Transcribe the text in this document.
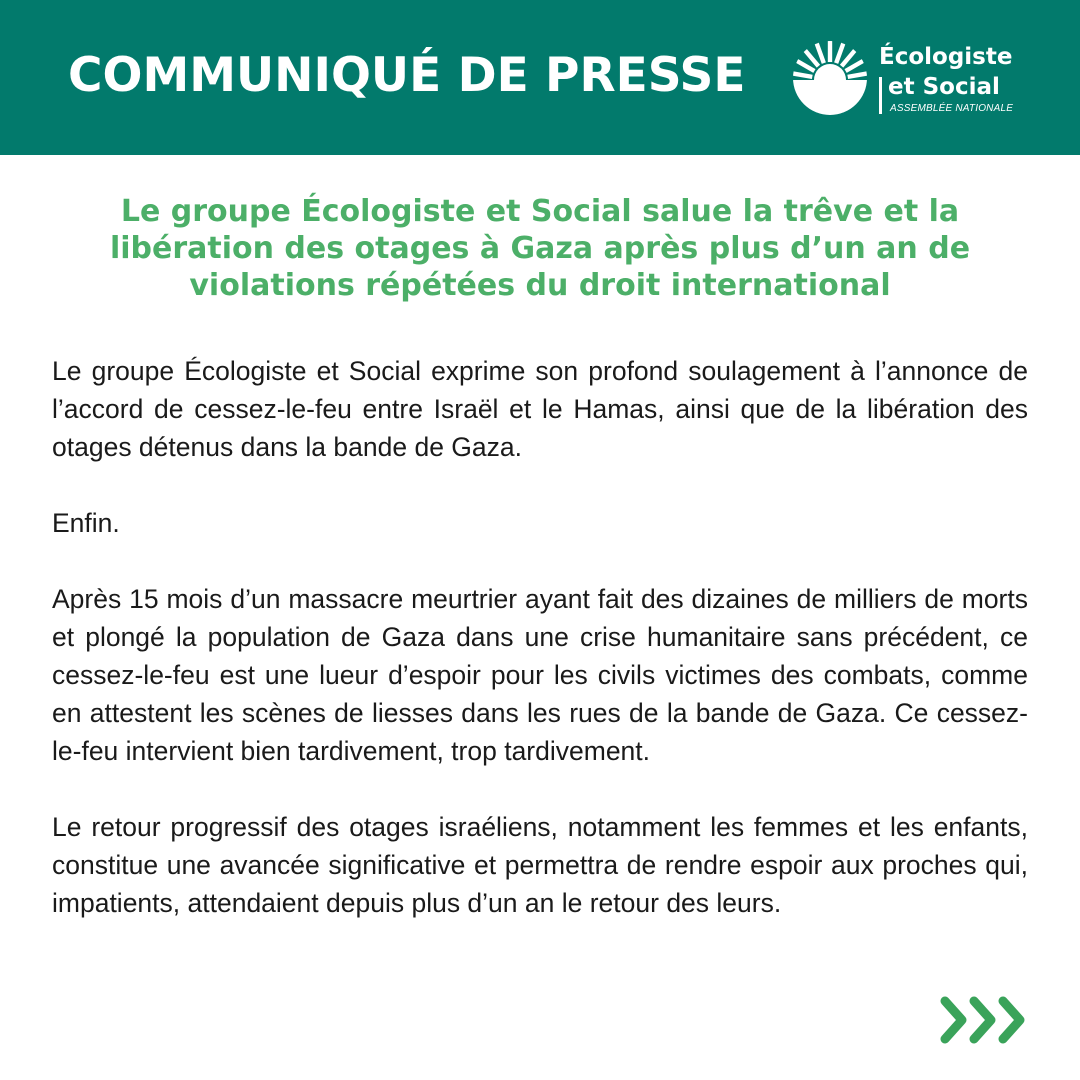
COMMUNIQUÉ DE PRESSE	Écologiste
et Social
ASSEMBLÉE NATIONALE
Le groupe Écologiste et Social salue la trêve et la libération des otages à Gaza après plus d’un an de violations répétées du droit international

Le groupe Écologiste et Social exprime son profond soulagement à l’annonce de l’accord de cessez-le-feu entre Israël et le Hamas, ainsi que de la libération des otages détenus dans la bande de Gaza.

Enfin.

Après 15 mois d’un massacre meurtrier ayant fait des dizaines de milliers de morts et plongé la population de Gaza dans une crise humanitaire sans précédent, ce cessez-le-feu est une lueur d’espoir pour les civils victimes des combats, comme en attestent les scènes de liesses dans les rues de la bande de Gaza. Ce cessez-le-feu intervient bien tardivement, trop tardivement.

Le retour progressif des otages israéliens, notamment les femmes et les enfants, constitue une avancée significative et permettra de rendre espoir aux proches qui, impatients, attendaient depuis plus d’un an le retour des leurs.
